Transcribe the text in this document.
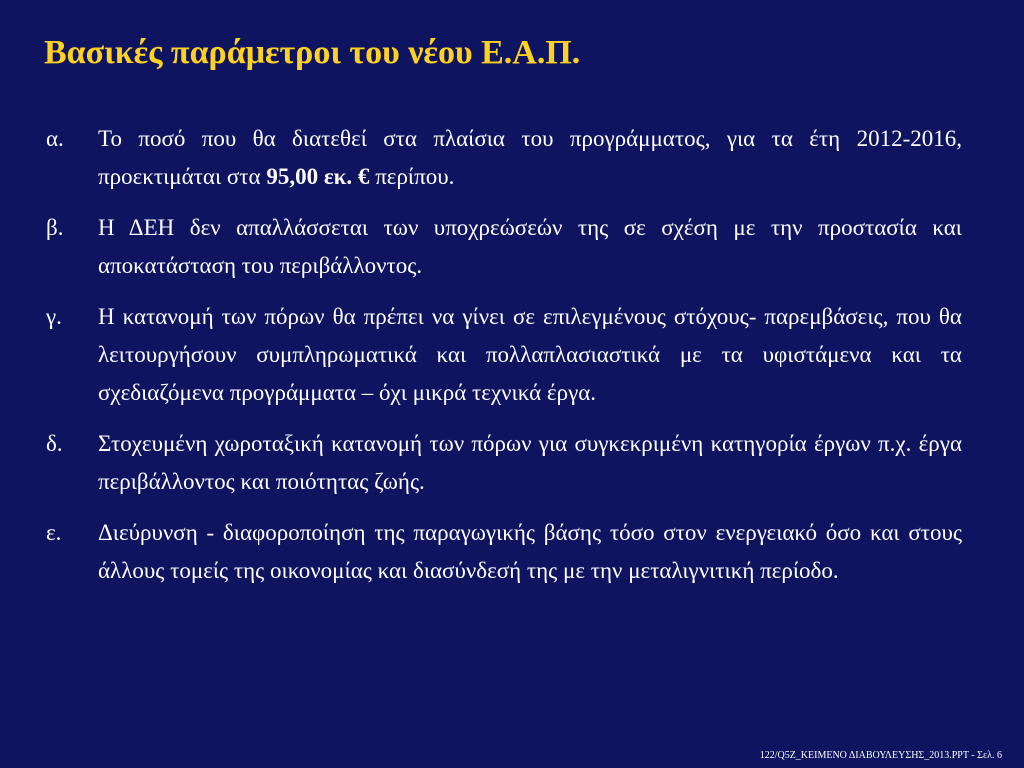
Βασικές παράμετροι του νέου Ε.Α.Π.
α. Το ποσό που θα διατεθεί στα πλαίσια του προγράμματος, για τα έτη 2012-2016, προεκτιμάται στα 95,00 εκ. € περίπου.
β. Η ΔΕΗ δεν απαλλάσσεται των υποχρεώσεών της σε σχέση με την προστασία και αποκατάσταση του περιβάλλοντος.
γ. Η κατανομή των πόρων θα πρέπει να γίνει σε επιλεγμένους στόχους- παρεμβάσεις, που θα λειτουργήσουν συμπληρωματικά και πολλαπλασιαστικά με τα υφιστάμενα και τα σχεδιαζόμενα προγράμματα – όχι μικρά τεχνικά έργα.
δ. Στοχευμένη χωροταξική κατανομή των πόρων για συγκεκριμένη κατηγορία έργων π.χ. έργα περιβάλλοντος και ποιότητας ζωής.
ε. Διεύρυνση - διαφοροποίηση της παραγωγικής βάσης τόσο στον ενεργειακό όσο και στους άλλους τομείς της οικονομίας και διασύνδεσή της με την μεταλιγνιτική περίοδο.
122/Q5Z_ΚΕΙΜΕΝΟ ΔΙΑΒΟΥΛΕΥΣΗΣ_2013.PPT - Σελ. 6
